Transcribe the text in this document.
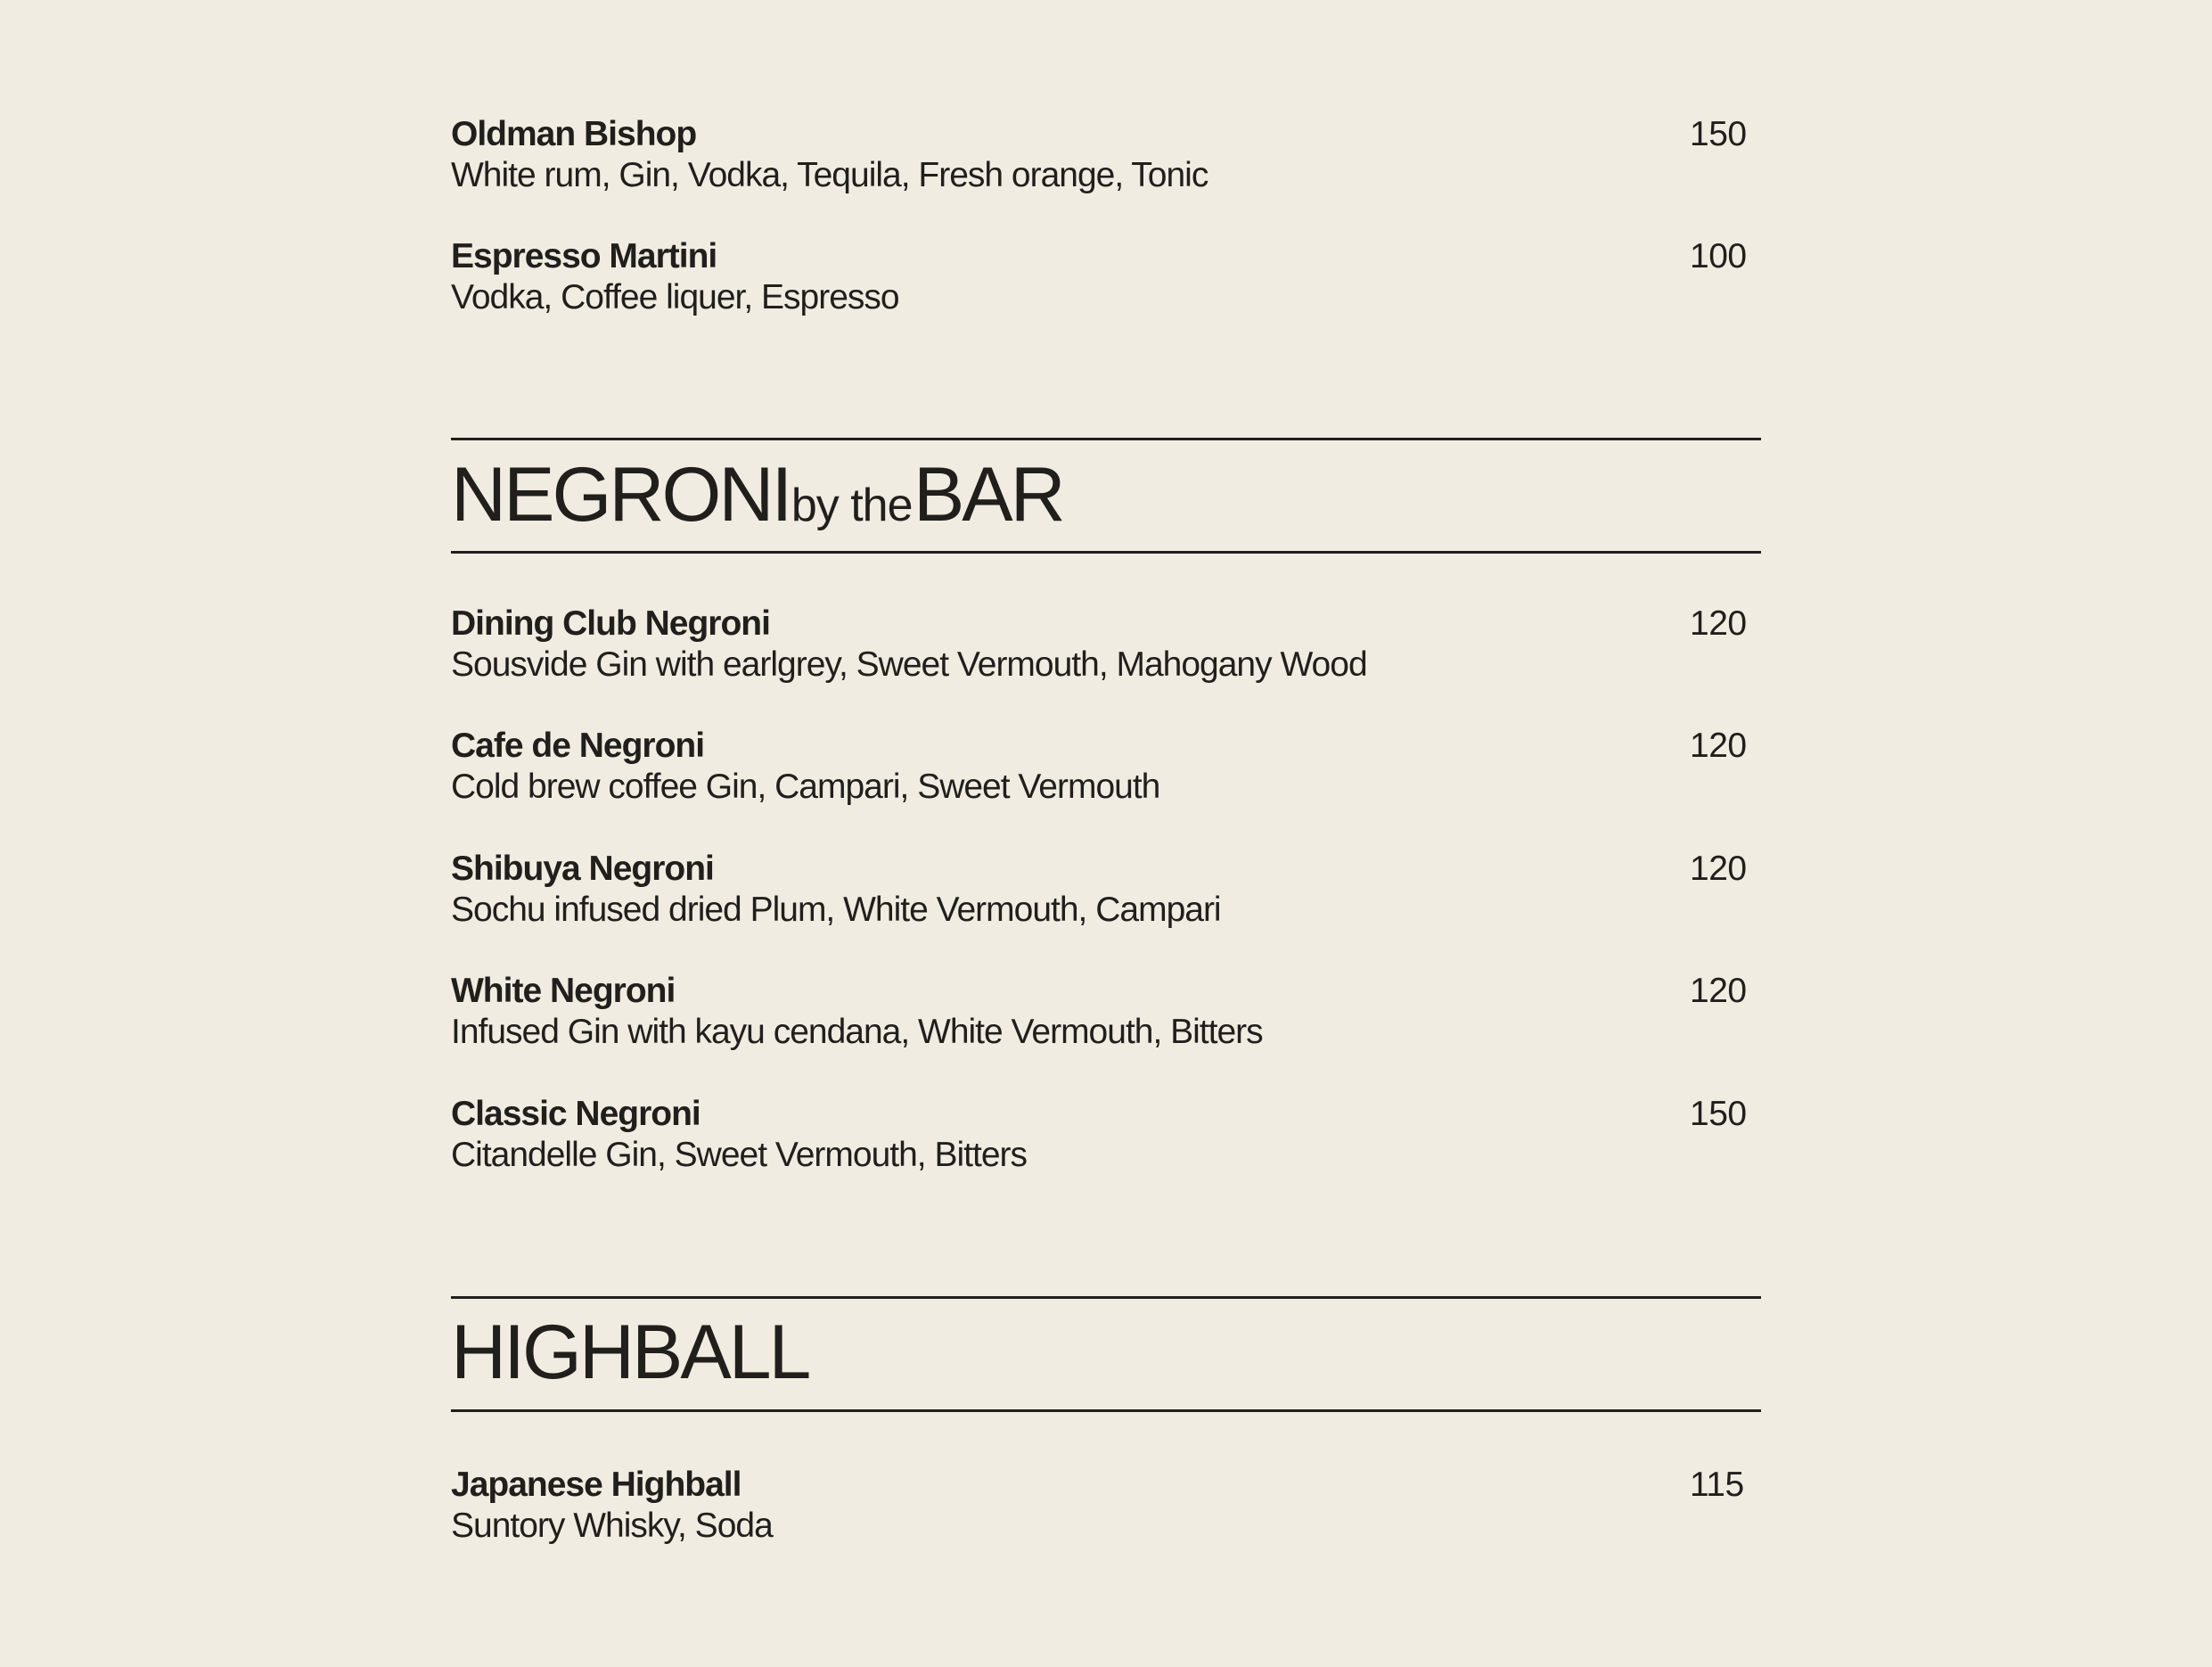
Oldman Bishop
White rum, Gin, Vodka, Tequila, Fresh orange, Tonic
150
Espresso Martini
Vodka, Coffee liquer, Espresso
100
NEGRONI by the BAR
Dining Club Negroni
Sousvide Gin with earlgrey, Sweet Vermouth, Mahogany Wood
120
Cafe de Negroni
Cold brew coffee Gin, Campari, Sweet Vermouth
120
Shibuya Negroni
Sochu infused dried Plum, White Vermouth, Campari
120
White Negroni
Infused Gin with kayu cendana, White Vermouth, Bitters
120
Classic Negroni
Citandelle Gin, Sweet Vermouth, Bitters
150
HIGHBALL
Japanese Highball
Suntory Whisky, Soda
115
